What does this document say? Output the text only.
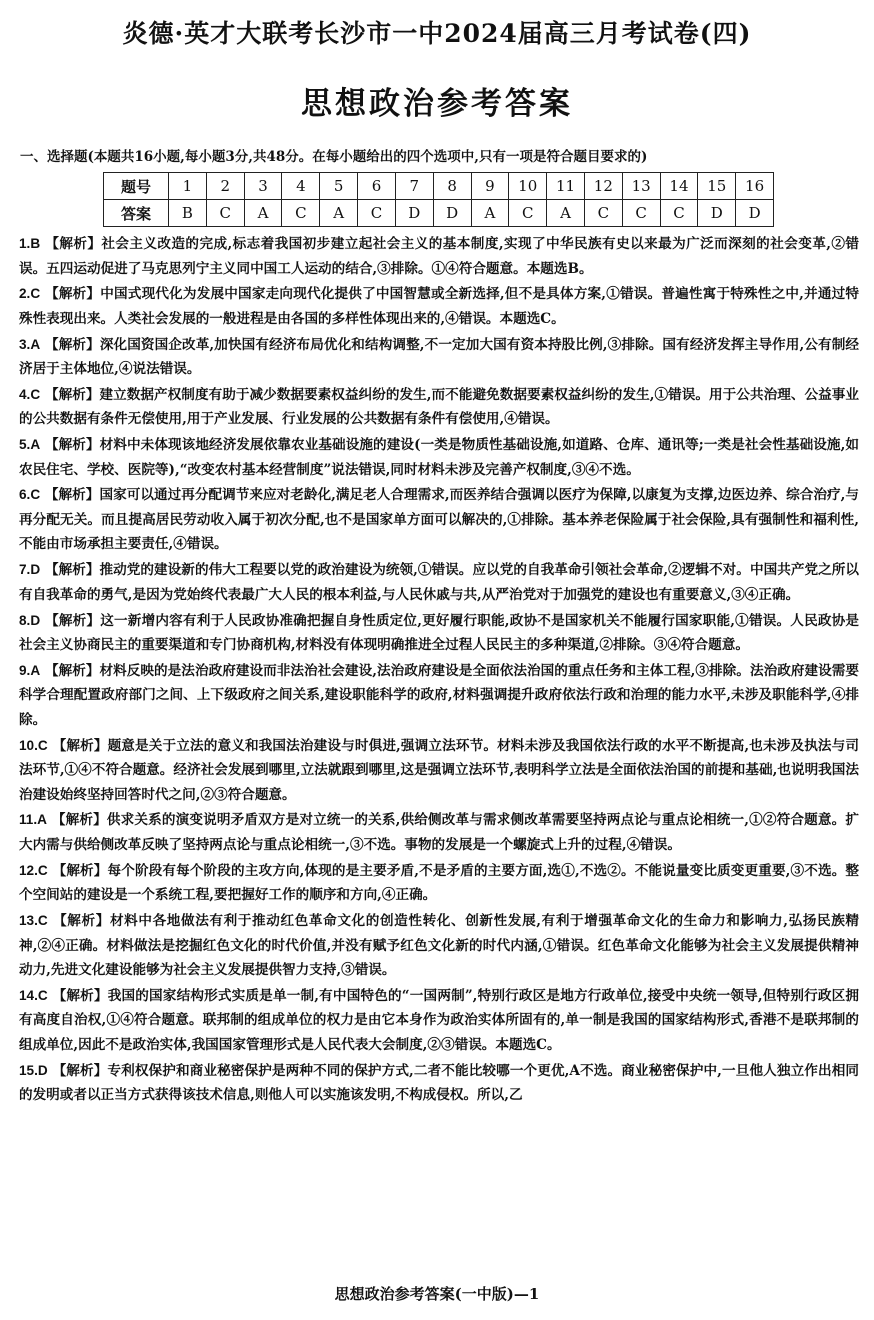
炎德·英才大联考长沙市一中2024届高三月考试卷(四)
思想政治参考答案
一、选择题(本题共16小题,每小题3分,共48分。在每小题给出的四个选项中,只有一项是符合题目要求的)
题号	1	2	3	4	5	6	7	8	9	10	11	12	13	14	15	16
答案	B	C	A	C	A	C	D	D	A	C	A	C	C	C	D	D

1.B 【解析】社会主义改造的完成,标志着我国初步建立起社会主义的基本制度,实现了中华民族有史以来最为广泛而深刻的社会变革,②错误。五四运动促进了马克思列宁主义同中国工人运动的结合,③排除。①④符合题意。本题选B。

2.C 【解析】中国式现代化为发展中国家走向现代化提供了中国智慧或全新选择,但不是具体方案,①错误。普遍性寓于特殊性之中,并通过特殊性表现出来。人类社会发展的一般进程是由各国的多样性体现出来的,④错误。本题选C。

3.A 【解析】深化国资国企改革,加快国有经济布局优化和结构调整,不一定加大国有资本持股比例,③排除。国有经济发挥主导作用,公有制经济居于主体地位,④说法错误。

4.C 【解析】建立数据产权制度有助于减少数据要素权益纠纷的发生,而不能避免数据要素权益纠纷的发生,①错误。用于公共治理、公益事业的公共数据有条件无偿使用,用于产业发展、行业发展的公共数据有条件有偿使用,④错误。

5.A 【解析】材料中未体现该地经济发展依靠农业基础设施的建设(一类是物质性基础设施,如道路、仓库、通讯等;一类是社会性基础设施,如农民住宅、学校、医院等),“改变农村基本经营制度”说法错误,同时材料未涉及完善产权制度,③④不选。

6.C 【解析】国家可以通过再分配调节来应对老龄化,满足老人合理需求,而医养结合强调以医疗为保障,以康复为支撑,边医边养、综合治疗,与再分配无关。而且提高居民劳动收入属于初次分配,也不是国家单方面可以解决的,①排除。基本养老保险属于社会保险,具有强制性和福利性,不能由市场承担主要责任,④错误。

7.D 【解析】推动党的建设新的伟大工程要以党的政治建设为统领,①错误。应以党的自我革命引领社会革命,②逻辑不对。中国共产党之所以有自我革命的勇气,是因为党始终代表最广大人民的根本利益,与人民休戚与共,从严治党对于加强党的建设也有重要意义,③④正确。

8.D 【解析】这一新增内容有利于人民政协准确把握自身性质定位,更好履行职能,政协不是国家机关不能履行国家职能,①错误。人民政协是社会主义协商民主的重要渠道和专门协商机构,材料没有体现明确推进全过程人民民主的多种渠道,②排除。③④符合题意。

9.A 【解析】材料反映的是法治政府建设而非法治社会建设,法治政府建设是全面依法治国的重点任务和主体工程,③排除。法治政府建设需要科学合理配置政府部门之间、上下级政府之间关系,建设职能科学的政府,材料强调提升政府依法行政和治理的能力水平,未涉及职能科学,④排除。

10.C 【解析】题意是关于立法的意义和我国法治建设与时俱进,强调立法环节。材料未涉及我国依法行政的水平不断提高,也未涉及执法与司法环节,①④不符合题意。经济社会发展到哪里,立法就跟到哪里,这是强调立法环节,表明科学立法是全面依法治国的前提和基础,也说明我国法治建设始终坚持回答时代之问,②③符合题意。

11.A 【解析】供求关系的演变说明矛盾双方是对立统一的关系,供给侧改革与需求侧改革需要坚持两点论与重点论相统一,①②符合题意。扩大内需与供给侧改革反映了坚持两点论与重点论相统一,③不选。事物的发展是一个螺旋式上升的过程,④错误。

12.C 【解析】每个阶段有每个阶段的主攻方向,体现的是主要矛盾,不是矛盾的主要方面,选①,不选②。不能说量变比质变更重要,③不选。整个空间站的建设是一个系统工程,要把握好工作的顺序和方向,④正确。

13.C 【解析】材料中各地做法有利于推动红色革命文化的创造性转化、创新性发展,有利于增强革命文化的生命力和影响力,弘扬民族精神,②④正确。材料做法是挖掘红色文化的时代价值,并没有赋予红色文化新的时代内涵,①错误。红色革命文化能够为社会主义发展提供精神动力,先进文化建设能够为社会主义发展提供智力支持,③错误。

14.C 【解析】我国的国家结构形式实质是单一制,有中国特色的“一国两制”,特别行政区是地方行政单位,接受中央统一领导,但特别行政区拥有高度自治权,①④符合题意。联邦制的组成单位的权力是由它本身作为政治实体所固有的,单一制是我国的国家结构形式,香港不是联邦制的组成单位,因此不是政治实体,我国国家管理形式是人民代表大会制度,②③错误。本题选C。

15.D 【解析】专利权保护和商业秘密保护是两种不同的保护方式,二者不能比较哪一个更优,A不选。商业秘密保护中,一旦他人独立作出相同的发明或者以正当方式获得该技术信息,则他人可以实施该发明,不构成侵权。所以,乙

思想政治参考答案(一中版)—1
